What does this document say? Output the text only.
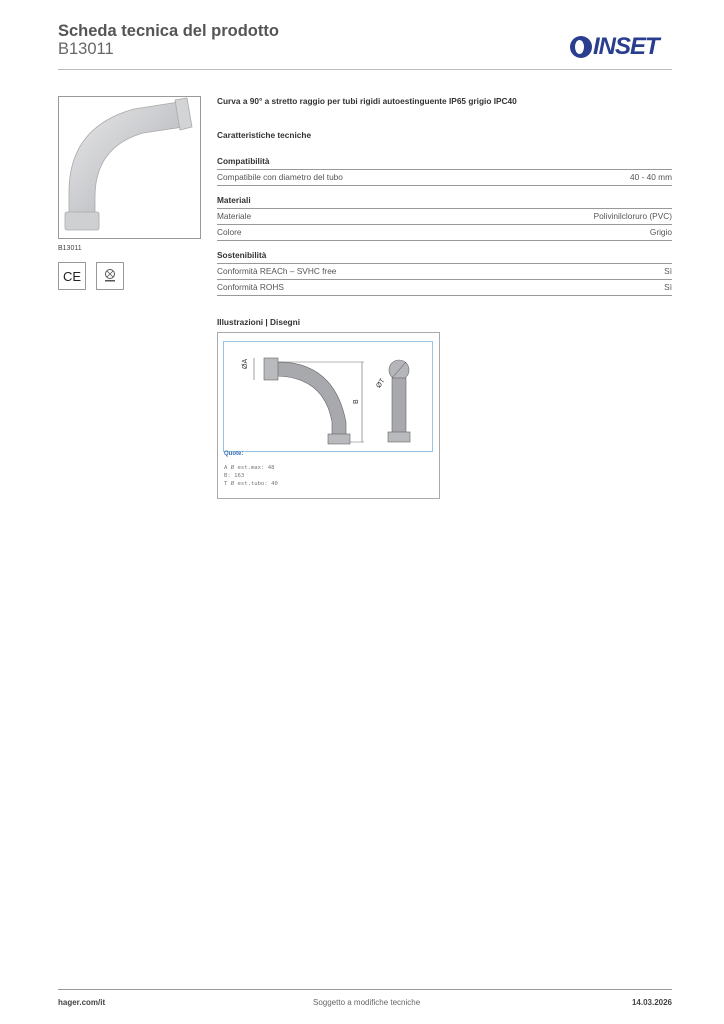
Scheda tecnica del prodotto
B13011	INSET
B13011
CE
Curva a 90° a stretto raggio per tubi rigidi autoestinguente IP65 grigio IPC40
Caratteristiche tecniche
Compatibilità
Compatibile con diametro del tubo	40 - 40 mm
Materiali
Materiale	Polivinilcloruro (PVC)
Colore	Grigio
Sostenibilità
Conformità REACh – SVHC free	Sì
Conformità ROHS	Sì
Illustrazioni | Disegni
ØA
B
ØT
Quote:
A Ø est.max: 48
B: 163
T Ø est.tubo: 40
hager.com/it	Soggetto a modifiche tecniche	14.03.2026
